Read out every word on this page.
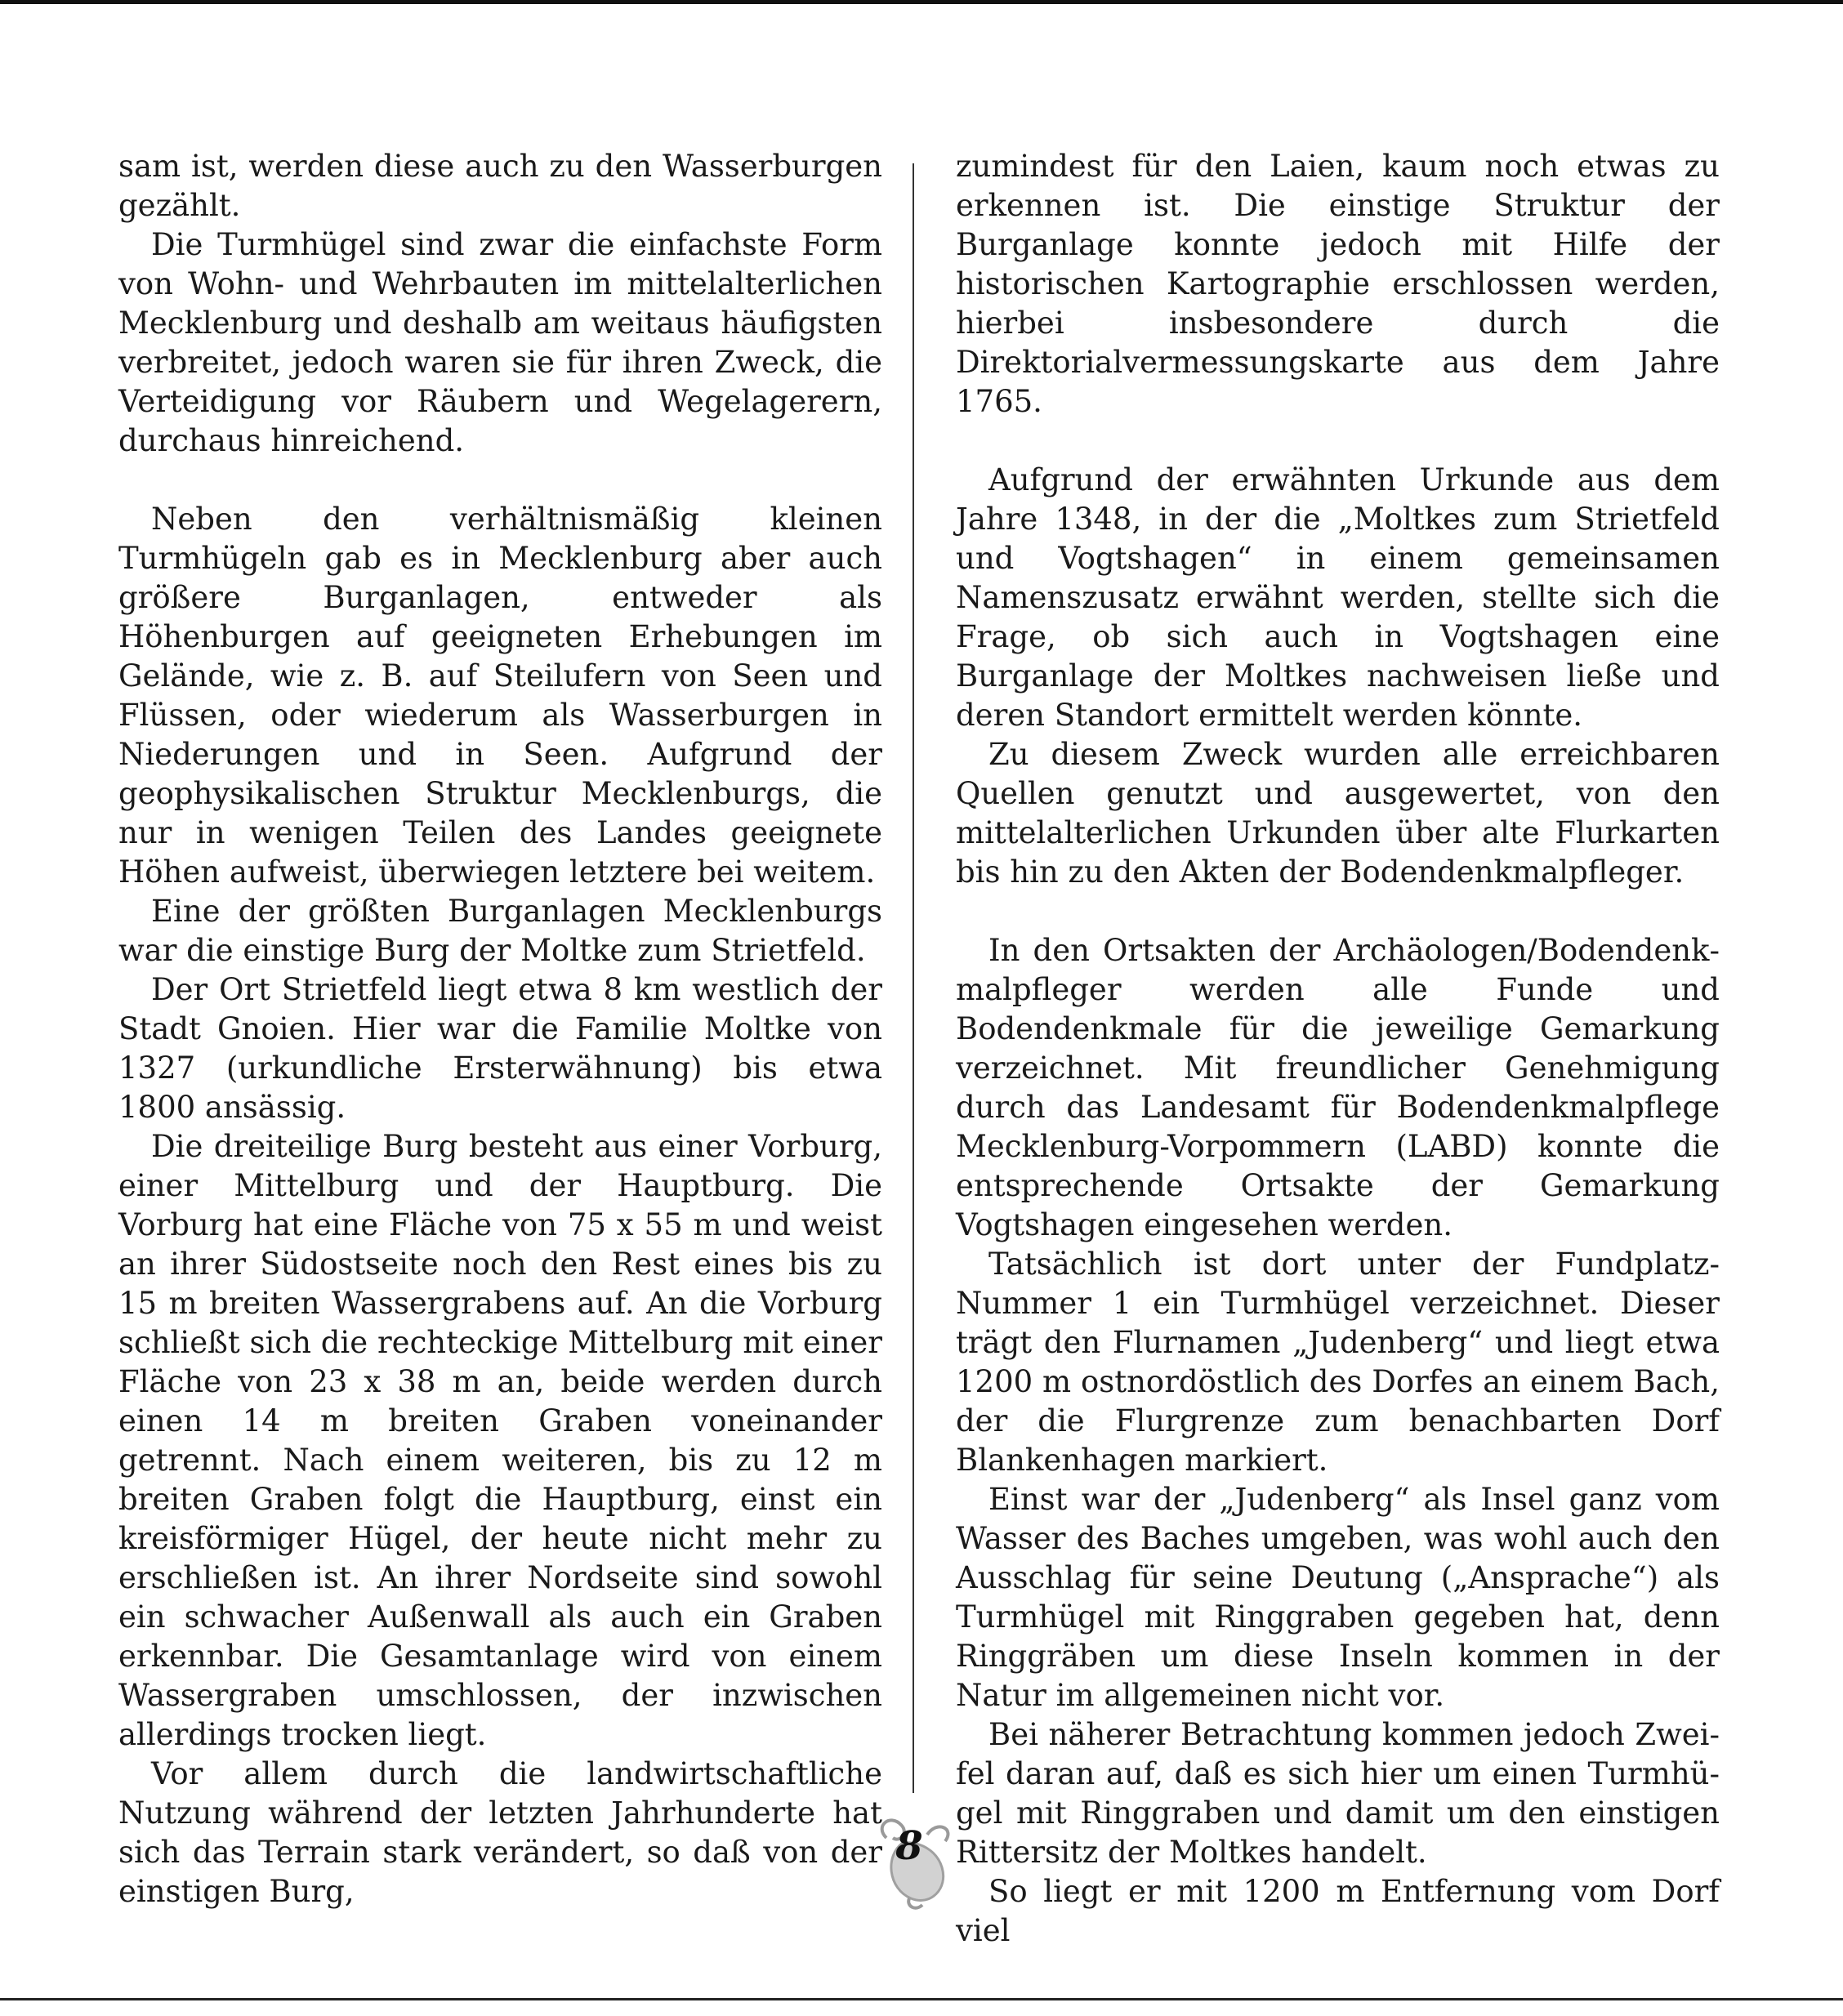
sam ist, werden diese auch zu den Wasserburgen gezählt.

Die Turmhügel sind zwar die einfachste Form von Wohn- und Wehrbauten im mittelalterlichen Mecklenburg und deshalb am weitaus häufigsten verbreitet, jedoch waren sie für ihren Zweck, die Verteidigung vor Räubern und Wegelagerern, durchaus hinreichend.

Neben den verhältnismäßig kleinen Turmhügeln gab es in Mecklenburg aber auch größere Burganlagen, entweder als Höhenburgen auf geeigneten Erhebungen im Gelände, wie z. B. auf Steilufern von Seen und Flüssen, oder wiederum als Wasserburgen in Niederungen und in Seen. Aufgrund der geophysikalischen Struktur Mecklenburgs, die nur in wenigen Teilen des Landes geeignete Höhen aufweist, überwiegen letztere bei weitem.

Eine der größten Burganlagen Mecklenburgs war die einstige Burg der Moltke zum Strietfeld.

Der Ort Strietfeld liegt etwa 8 km westlich der Stadt Gnoien. Hier war die Familie Moltke von 1327 (urkundliche Ersterwähnung) bis etwa 1800 ansässig.

Die dreiteilige Burg besteht aus einer Vorburg, einer Mittelburg und der Hauptburg. Die Vorburg hat eine Fläche von 75 x 55 m und weist an ihrer Südostseite noch den Rest eines bis zu 15 m breiten Wassergrabens auf. An die Vorburg schließt sich die rechteckige Mittelburg mit einer Fläche von 23 x 38 m an, beide werden durch einen 14 m breiten Graben voneinander getrennt. Nach einem weiteren, bis zu 12 m breiten Graben folgt die Hauptburg, einst ein kreisförmiger Hügel, der heute nicht mehr zu erschließen ist. An ihrer Nordseite sind sowohl ein schwacher Außenwall als auch ein Graben erkennbar. Die Gesamtanlage wird von einem Wassergraben umschlossen, der inzwischen allerdings trocken liegt.

Vor allem durch die landwirtschaftliche Nutzung während der letzten Jahrhunderte hat sich das Terrain stark verändert, so daß von der einstigen Burg,

zumindest für den Laien, kaum noch etwas zu erkennen ist. Die einstige Struktur der Burganlage konnte jedoch mit Hilfe der historischen Kartographie erschlossen werden, hierbei insbesondere durch die Direktorialvermessungskarte aus dem Jahre 1765.

Aufgrund der erwähnten Urkunde aus dem Jahre 1348, in der die „Moltkes zum Strietfeld und Vogtshagen“ in einem gemeinsamen Namenszusatz erwähnt werden, stellte sich die Frage, ob sich auch in Vogtshagen eine Burganlage der Moltkes nachweisen ließe und deren Standort ermittelt werden könnte.

Zu diesem Zweck wurden alle erreichbaren Quellen genutzt und ausgewertet, von den mittelalterlichen Urkunden über alte Flurkarten bis hin zu den Akten der Bodendenkmalpfleger.

In den Ortsakten der Archäologen/Bodendenkmalpfleger werden alle Funde und Bodendenkmale für die jeweilige Gemarkung verzeichnet. Mit freundlicher Genehmigung durch das Landesamt für Bodendenkmalpflege Mecklenburg-Vorpommern (LABD) konnte die entsprechende Ortsakte der Gemarkung Vogtshagen eingesehen werden.

Tatsächlich ist dort unter der Fundplatz-Nummer 1 ein Turmhügel verzeichnet. Dieser trägt den Flurnamen „Judenberg“ und liegt etwa 1200 m ostnordöstlich des Dorfes an einem Bach, der die Flurgrenze zum benachbarten Dorf Blankenhagen markiert.

Einst war der „Judenberg“ als Insel ganz vom Wasser des Baches umgeben, was wohl auch den Ausschlag für seine Deutung („Ansprache“) als Turmhügel mit Ringgraben gegeben hat, denn Ringgräben um diese Inseln kommen in der Natur im allgemeinen nicht vor.

Bei näherer Betrachtung kommen jedoch Zweifel daran auf, daß es sich hier um einen Turmhügel mit Ringgraben und damit um den einstigen Rittersitz der Moltkes handelt.

So liegt er mit 1200 m Entfernung vom Dorf viel

8
